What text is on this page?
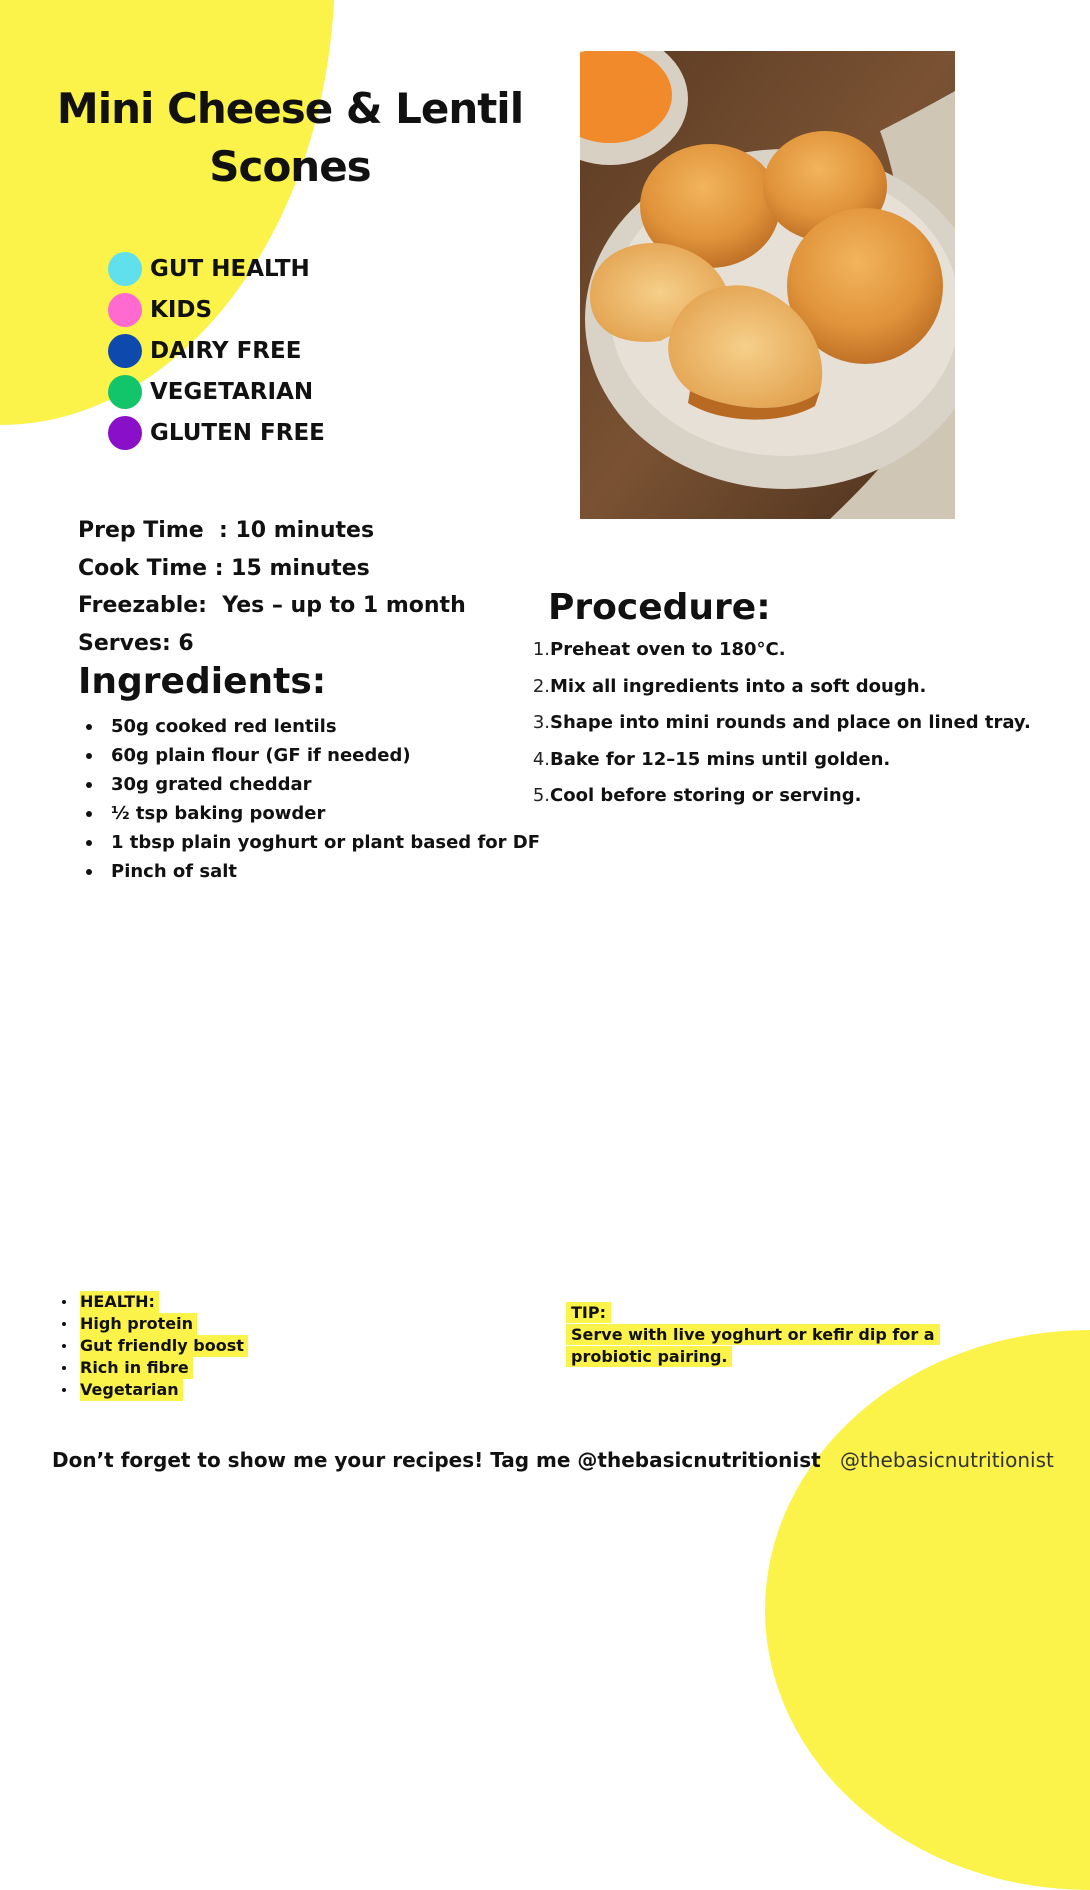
Mini Cheese & Lentil Scones
GUT HEALTH
KIDS
DAIRY FREE
VEGETARIAN
GLUTEN FREE
Prep Time  : 10 minutes
Cook Time : 15 minutes
Freezable:  Yes – up to 1 month
Serves: 6
Ingredients:
50g cooked red lentils
60g plain flour (GF if needed)
30g grated cheddar
½ tsp baking powder
1 tbsp plain yoghurt or plant based for DF
Pinch of salt
Procedure:
1. Preheat oven to 180°C.
2. Mix all ingredients into a soft dough.
3. Shape into mini rounds and place on lined tray.
4. Bake for 12–15 mins until golden.
5. Cool before storing or serving.
HEALTH:
High protein
Gut friendly boost
Rich in fibre
Vegetarian
TIP:
Serve with live yoghurt or kefir dip for a probiotic pairing.

Don’t forget to show me your recipes! Tag me @thebasicnutritionist @thebasicnutritionist
